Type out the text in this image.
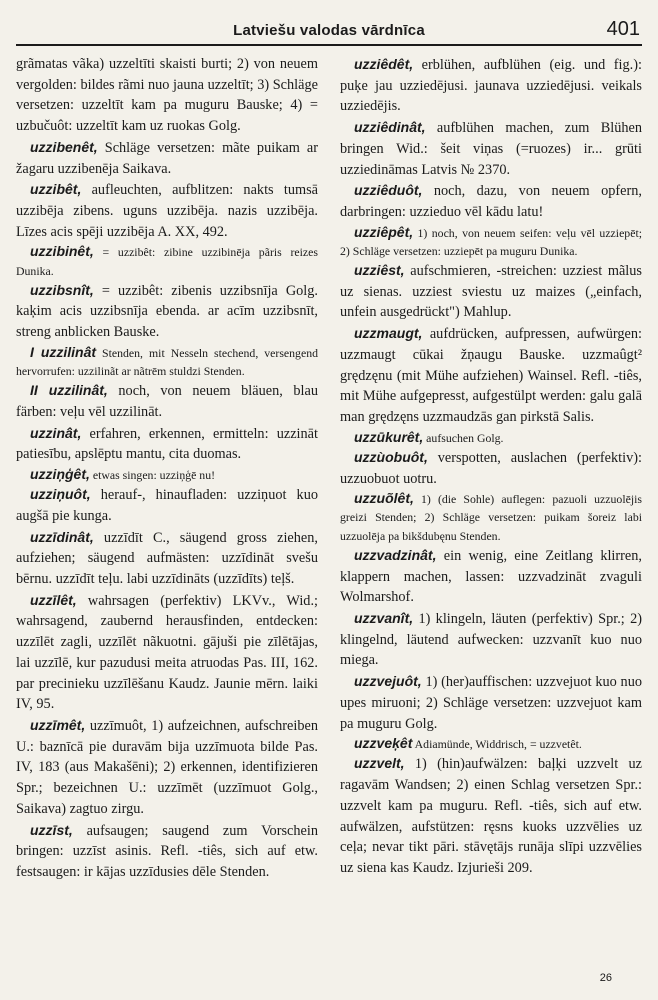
Latviešu valodas vārdnīca	401

grãmatas vãka) uzzeltīti skaisti burti; 2) von neuem vergolden: bildes rãmi nuo jauna uzzeltīt; 3) Schläge versetzen: uzzeltīt kam pa muguru Bauske; 4) = uzbučuôt: uzzeltīt kam uz ruokas Golg.

uzzibenêt, Schläge versetzen: mãte puikam ar žagaru uzzibenēja Saikava.

uzzibêt, aufleuchten, aufblitzen: nakts tumsā uzzibēja zibens. uguns uzzibēja. nazis uzzibēja. Līzes acis spēji uzzibēja A. XX, 492.

uzzibinêt, = uzzibêt: zibine uzzibinēja pãris reizes Dunika.

uzzibsnît, = uzzibêt: zibenis uzzibsnīja Golg. kaķim acis uzzibsnīja ebenda. ar acīm uzzibsnīt, streng anblicken Bauske.

I uzzilinât Stenden, mit Nesseln stechend, versengend hervorrufen: uzzilinãt ar nãtrēm stuldzi Stenden.

II uzzilinât, noch, von neuem bläuen, blau färben: veļu vēl uzzilināt.

uzzinât, erfahren, erkennen, ermitteln: uzzināt patiesību, apslēptu mantu, cita duomas.

uzziņģêt, etwas singen: uzziņģē nu!

uzziņuôt, herauf-, hinaufladen: uzziņuot kuo augšā pie kunga.

uzzīdinât, uzzīdīt C., säugend gross ziehen, aufziehen; säugend aufmästen: uzzīdināt svešu bērnu. uzzīdīt teļu. labi uzzīdināts (uzzīdīts) teļš.

uzzīlêt, wahrsagen (perfektiv) LKVv., Wid.; wahrsagend, zaubernd herausfinden, entdecken: uzzīlēt zagli, uzzīlēt nãkuotni. gājuši pie zīlētājas, lai uzzīlē, kur pazudusi meita atruodas Pas. III, 162. par precinieku uzzīlēšanu Kaudz. Jaunie mērn. laiki IV, 95.

uzzīmêt, uzzīmuôt, 1) aufzeichnen, aufschreiben U.: baznīcā pie duravām bija uzzīmuota bilde Pas. IV, 183 (aus Makašēni); 2) erkennen, identifizieren Spr.; bezeichnen U.: uzzīmēt (uzzīmuot Golg., Saikava) zagtuo zirgu.

uzzīst, aufsaugen; saugend zum Vorschein bringen: uzzīst asinis. Refl. -tiês, sich auf etw. festsaugen: ir kājas uzzīdusies dēle Stenden.

uzziêdêt, erblühen, aufblühen (eig. und fig.): puķe jau uzziedējusi. jaunava uzziedējusi. veikals uzziedējis.

uzziêdinât, aufblühen machen, zum Blühen bringen Wid.: šeit viņas (=ruozes) ir... grūti uzziedināmas Latvis № 2370.

uzziêduôt, noch, dazu, von neuem opfern, darbringen: uzzieduo vēl kādu latu!

uzziêpêt, 1) noch, von neuem seifen: veļu vēl uzziepēt; 2) Schläge versetzen: uzziepēt pa muguru Dunika.

uzziêst, aufschmieren, -streichen: uzziest mãlus uz sienas. uzziest sviestu uz maizes („einfach, unfein ausgedrückt") Mahlup.

uzzmaugt, aufdrücken, aufpressen, aufwürgen: uzzmaugt cūkai žņaugu Bauske. uzzmaûgt² grędzęnu (mit Mühe aufziehen) Wainsel. Refl. -tiês, mit Mühe aufgepresst, aufgestülpt werden: galu galā man grędzęns uzzmaudzās gan pirkstā Salis.

uzzūkurêt, aufsuchen Golg.

uzzùobuôt, verspotten, auslachen (perfektiv): uzzuobuot uotru.

uzzuõlêt, 1) (die Sohle) auflegen: pazuoli uzzuolējis greizi Stenden; 2) Schläge versetzen: puikam šoreiz labi uzzuolēja pa bikšdubęnu Stenden.

uzzvadzinât, ein wenig, eine Zeitlang klirren, klappern machen, lassen: uzzvadzināt zvaguli Wolmarshof.

uzzvanît, 1) klingeln, läuten (perfektiv) Spr.; 2) klingelnd, läutend aufwecken: uzzvanīt kuo nuo miega.

uzzvejuôt, 1) (her)auffischen: uzzvejuot kuo nuo upes miruoni; 2) Schläge versetzen: uzzvejuot kam pa muguru Golg.

uzzveķêt Adiamünde, Widdrisch, = uzzvetêt.

uzzvelt, 1) (hin)aufwälzen: baļķi uzzvelt uz ragavām Wandsen; 2) einen Schlag versetzen Spr.: uzzvelt kam pa muguru. Refl. -tiês, sich auf etw. aufwälzen, aufstützen: ręsns kuoks uzzvēlies uz ceļa; nevar tikt pāri. stāvętājs runāja slīpi uzzvēlies uz siena kas Kaudz. Izjurieši 209.

26
